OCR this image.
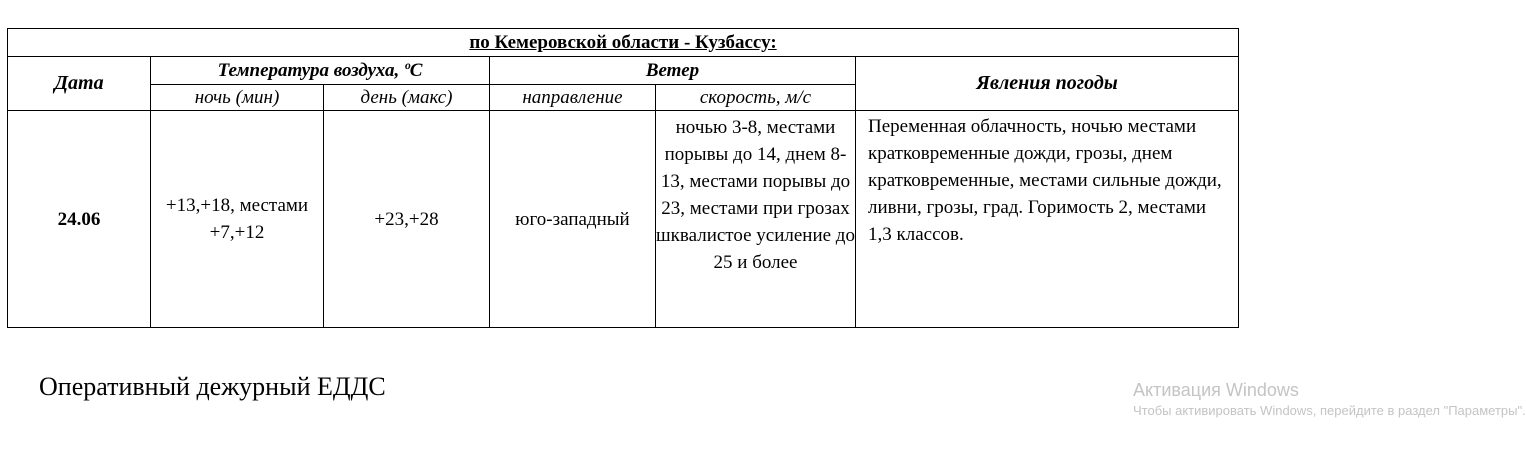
по Кемеровской области - Кузбассу:					
Дата	Температура воздуха, ºС		Ветер		Явления погоды
	ночь (мин)	день (макс)	направление	скорость, м/с	
24.06	+13,+18, местами +7,+12	+23,+28	юго-западный	ночью 3-8, местами порывы до 14, днем 8-13, местами порывы до 23, местами при грозах шквалистое усиление до 25 и более	Переменная облачность, ночью местами кратковременные дожди, грозы, днем кратковременные, местами сильные дожди, ливни, грозы, град. Горимость 2, местами 1,3 классов.
Оперативный дежурный ЕДДС	Активация Windows
Чтобы активировать Windows, перейдите в раздел "Параметры".
